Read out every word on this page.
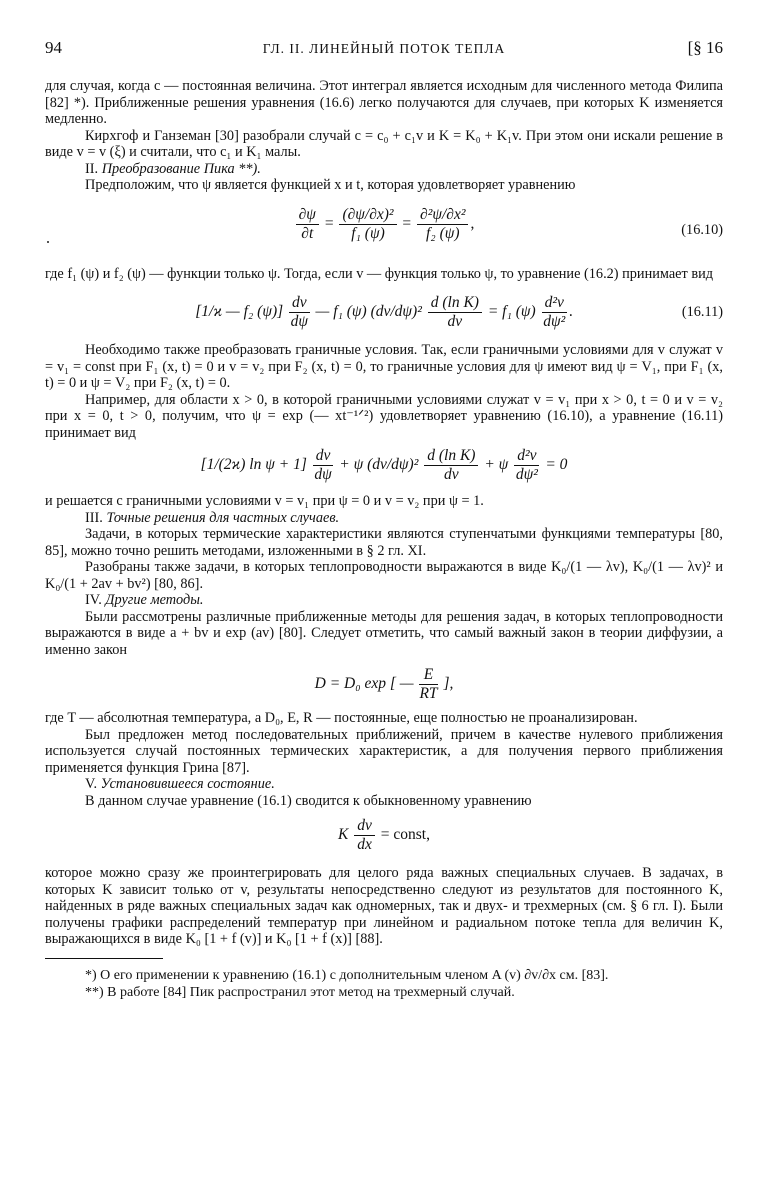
94	ГЛ. II. ЛИНЕЙНЫЙ ПОТОК ТЕПЛА	[§ 16

для случая, когда c — постоянная величина. Этот интеграл является исходным для численного метода Филипа [82] *). Приближенные решения уравнения (16.6) легко получаются для случаев, при которых K изменяется медленно.

Кирхгоф и Ганземан [30] разобрали случай c = c₀ + c₁v и K = K₀ + K₁v. При этом они искали решение в виде v = v (ξ) и считали, что c₁ и K₁ малы.

II. Преобразование Пика **).

Предположим, что ψ является функцией x и t, которая удовлетворяет уравнению

$\frac{\partial\psi}{\partial t} = \frac{\text{(∂ψ/∂x)²}}{\text{f₁ (ψ)}} = \frac{\text{∂²ψ/∂x²}}{\text{f₂ (ψ)}}$ ,	(16.10)

где f₁ (ψ) и f₂ (ψ) — функции только ψ. Тогда, если v — функция только ψ, то уравнение (16.2) принимает вид

[1/ϰ — f₂ $(\psi)] \frac{dv}{d\psi}$ — f₁ (ψ) $(dv/d\psi)^2 \frac{\text{d (ln K)}}{dv} = f_1$ $(\psi) \frac{\text{d²v}}{\text{dψ²}}$ .	(16.11)

Необходимо также преобразовать граничные условия. Так, если граничными условиями для v служат v = v₁ = const при F₁ (x, t) = 0 и v = v₂ при F₂ (x, t) = 0, то граничные условия для ψ имеют вид ψ = V₁, при F₁ (x, t) = 0 и ψ = V₂ при F₂ (x, t) = 0.

Например, для области x > 0, в которой граничными условиями служат v = v₁ при x > 0, t = 0 и v = v₂ при x = 0, t > 0, получим, что ψ = exp (— xt⁻¹ᐟ²) удовлетворяет уравнению (16.10), а уравнение (16.11) принимает вид

[1/(2ϰ) $\ln \psi + 1] \frac{dv}{d\psi} + \psi$ $(dv/d\psi)^2 \frac{\text{d (ln K)}}{dv} + \psi \frac{\text{d²v}}{\text{dψ²}} = 0$

и решается с граничными условиями v = v₁ при ψ = 0 и v = v₂ при ψ = 1.

III. Точные решения для частных случаев.

Задачи, в которых термические характеристики являются ступенчатыми функциями температуры [80, 85], можно точно решить методами, изложенными в § 2 гл. XI.

Разобраны также задачи, в которых теплопроводности выражаются в виде K₀/(1 — λv), K₀/(1 — λv)² и K₀/(1 + 2av + bv²) [80, 86].

IV. Другие методы.

Были рассмотрены различные приближенные методы для решения задач, в которых теплопроводности выражаются в виде a + bv и exp (av) [80]. Следует отметить, что самый важный закон в теории диффузии, а именно закон

D = D₀ exp [ — $\frac{E}{RT}$ ],

где T — абсолютная температура, а D₀, E, R — постоянные, еще полностью не проанализирован.

Был предложен метод последовательных приближений, причем в качестве нулевого приближения используется случай постоянных термических характеристик, а для получения первого приближения применяется функция Грина [87].

V. Установившееся состояние.

В данном случае уравнение (16.1) сводится к обыкновенному уравнению

K $\frac{dv}{dx}$ = const,

которое можно сразу же проинтегрировать для целого ряда важных специальных случаев. В задачах, в которых K зависит только от v, результаты непосредственно следуют из результатов для постоянного K, найденных в ряде важных специальных задач как одномерных, так и двух- и трехмерных (см. § 6 гл. I). Были получены графики распределений температур при линейном и радиальном потоке тепла для величин K, выражающихся в виде K₀ [1 + f (v)] и K₀ [1 + f (x)] [88].

*) О его применении к уравнению (16.1) с дополнительным членом A (v) ∂v/∂x см. [83].

**) В работе [84] Пик распространил этот метод на трехмерный случай.
